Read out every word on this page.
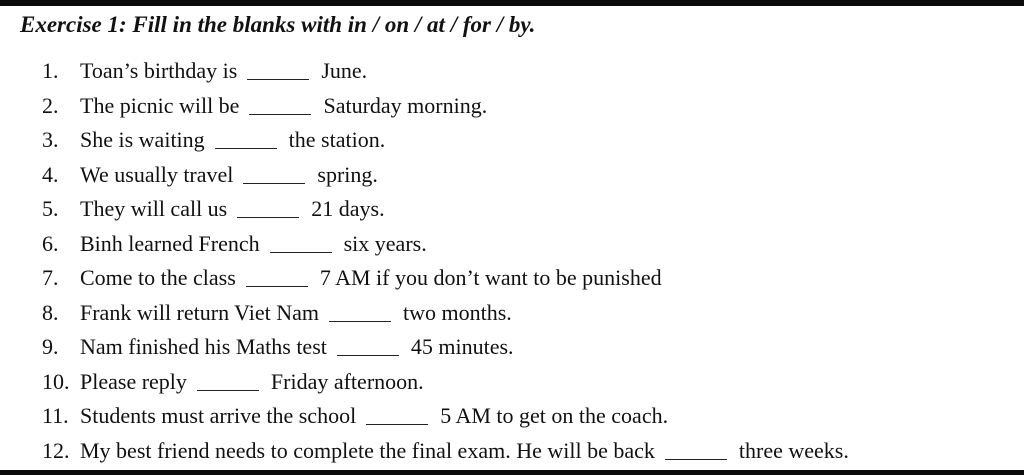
Exercise 1: Fill in the blanks with in / on / at / for / by.
1. Toan’s birthday is	June.
2. The picnic will be	Saturday morning.
3. She is waiting	the station.
4. We usually travel	spring.
5. They will call us	21 days.
6. Binh learned French	six years.
7. Come to the class	7 AM if you don’t want to be punished
8. Frank will return Viet Nam	two months.
9. Nam finished his Maths test	45 minutes.
10. Please reply	Friday afternoon.
11. Students must arrive the school	5 AM to get on the coach.
12. My best friend needs to complete the final exam. He will be back	three weeks.
